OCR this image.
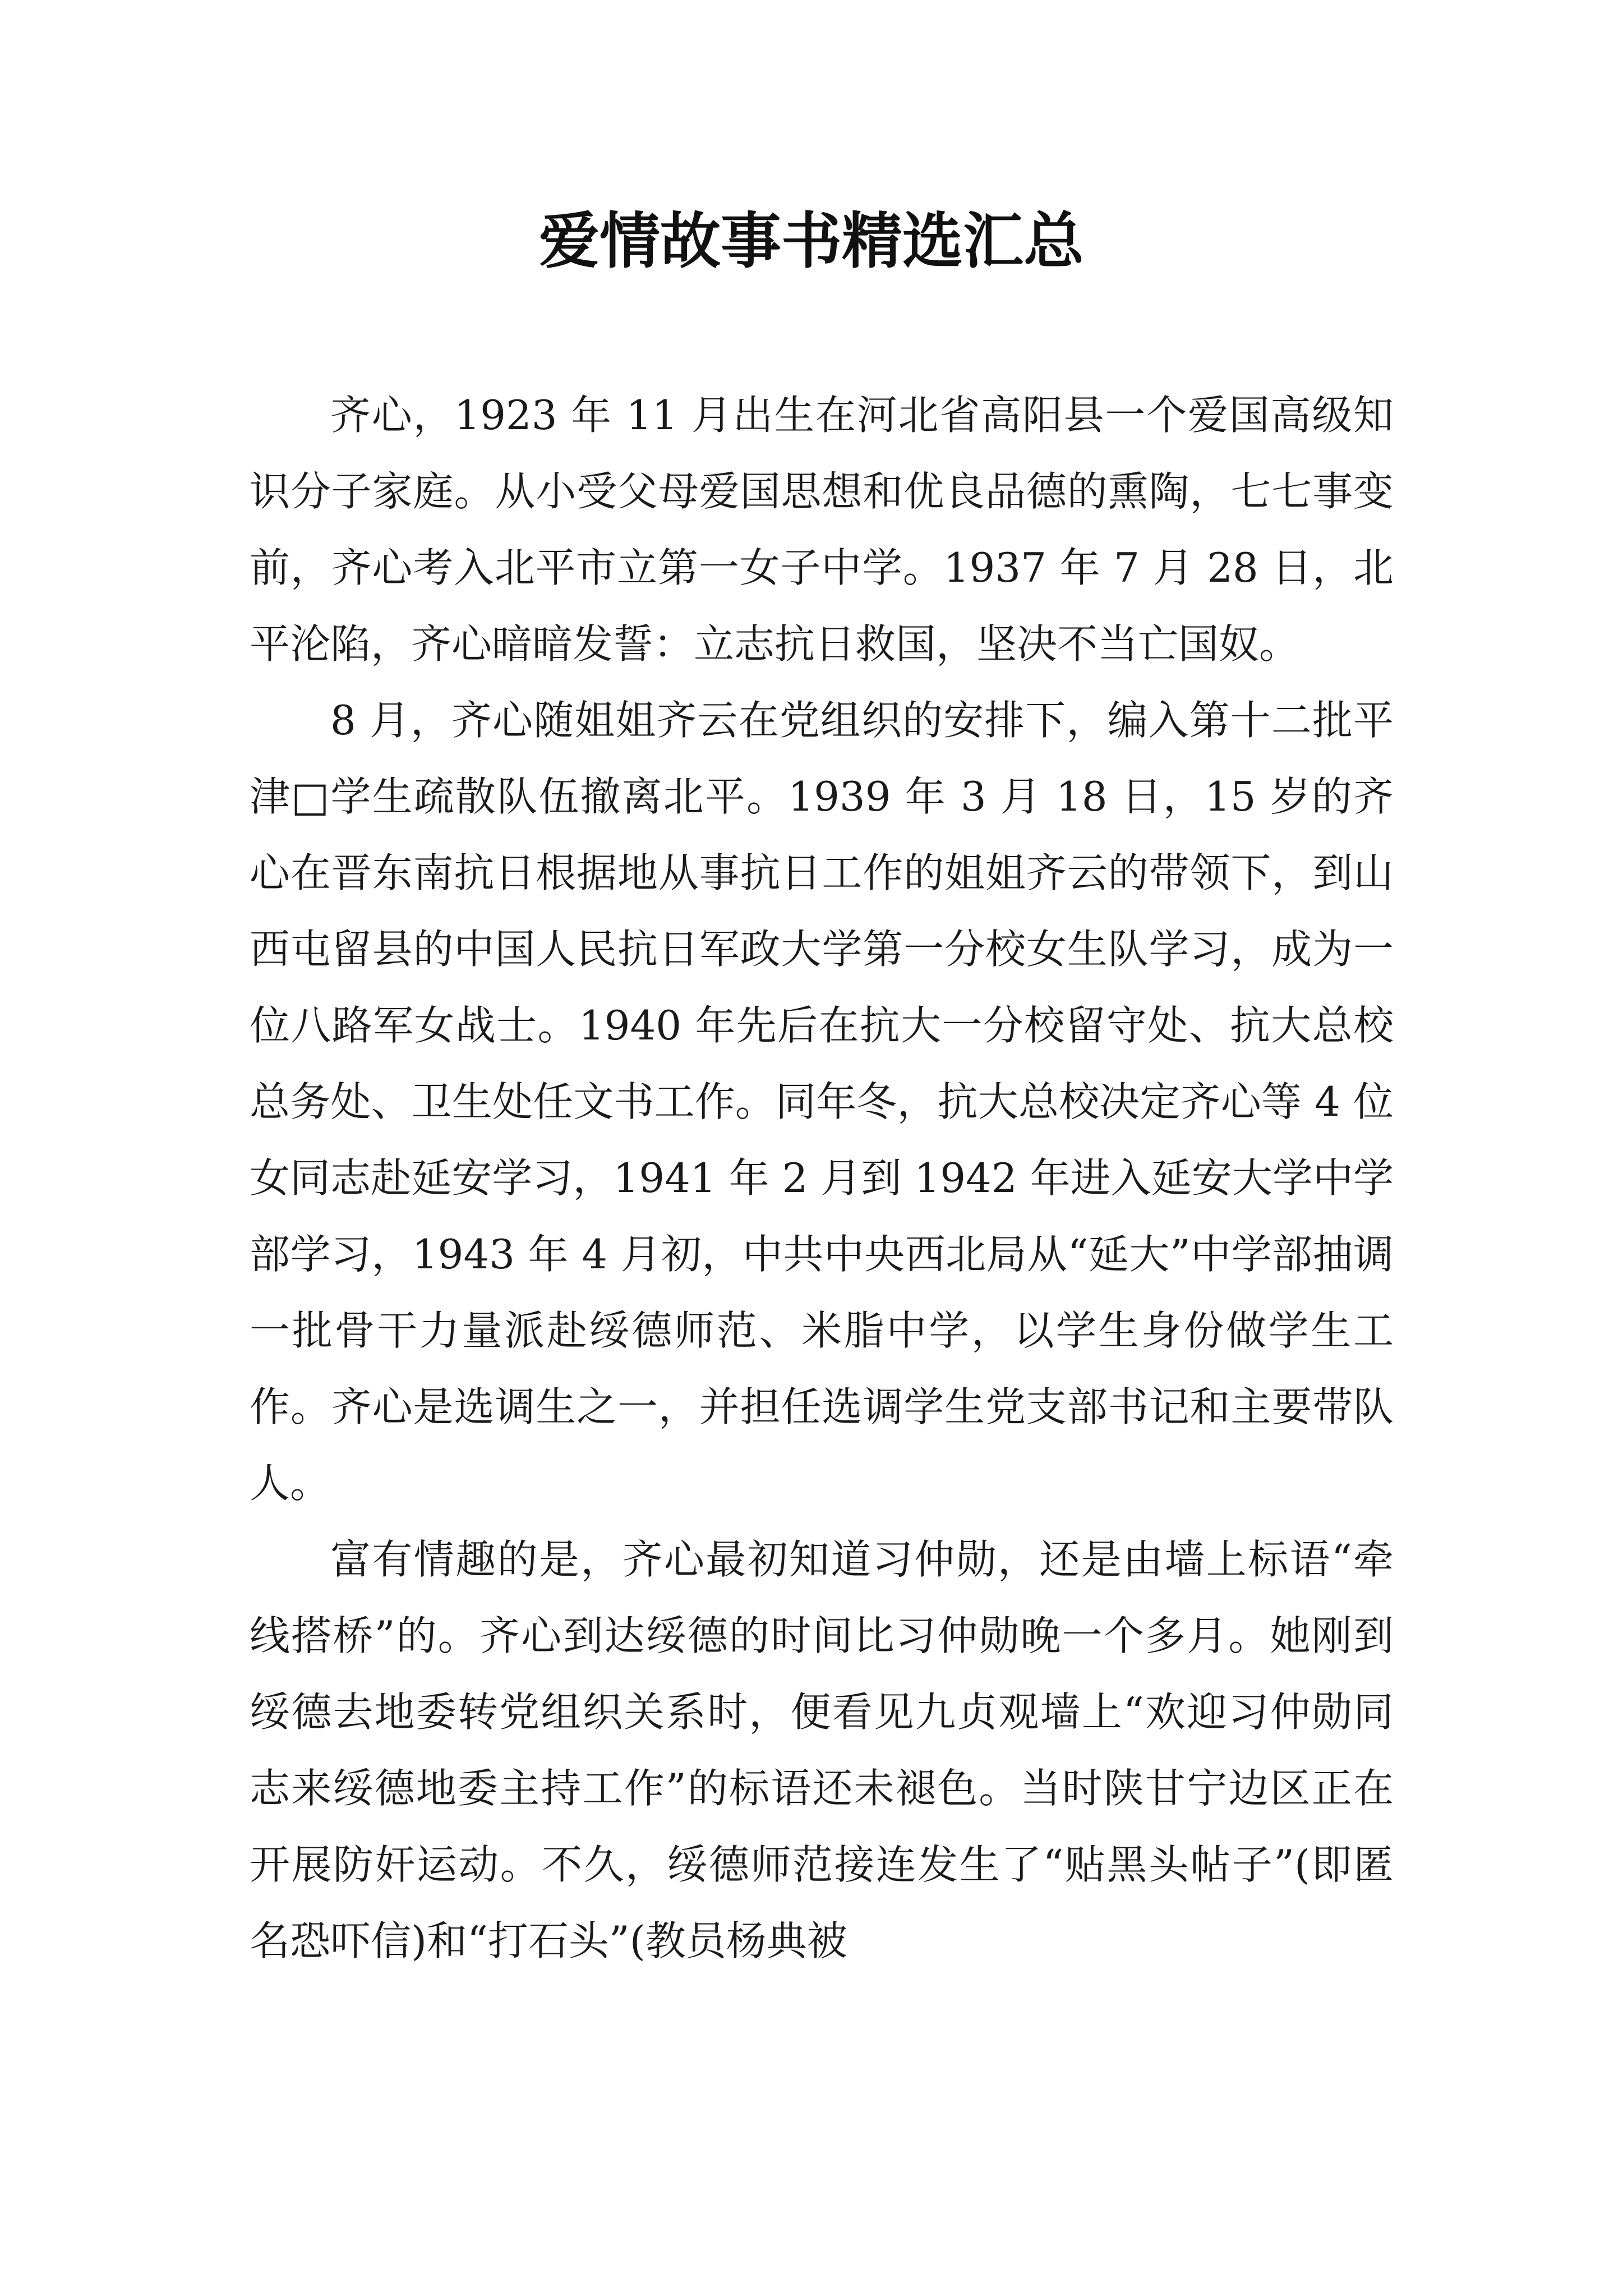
爱情故事书精选汇总

齐心，1923 年 11 月出生在河北省高阳县一个爱国高级知识分子家庭。从小受父母爱国思想和优良品德的熏陶，七七事变前，齐心考入北平市立第一女子中学。1937 年 7 月 28 日，北平沦陷，齐心暗暗发誓：立志抗日救国，坚决不当亡国奴。

8 月，齐心随姐姐齐云在党组织的安排下，编入第十二批平津□学生疏散队伍撤离北平。1939 年 3 月 18 日，15 岁的齐心在晋东南抗日根据地从事抗日工作的姐姐齐云的带领下，到山西屯留县的中国人民抗日军政大学第一分校女生队学习，成为一位八路军女战士。1940 年先后在抗大一分校留守处、抗大总校总务处、卫生处任文书工作。同年冬，抗大总校决定齐心等 4 位女同志赴延安学习，1941 年 2 月到 1942 年进入延安大学中学部学习，1943 年 4 月初，中共中央西北局从“延大”中学部抽调一批骨干力量派赴绥德师范、米脂中学，以学生身份做学生工作。齐心是选调生之一，并担任选调学生党支部书记和主要带队人。

富有情趣的是，齐心最初知道习仲勋，还是由墙上标语“牵线搭桥”的。齐心到达绥德的时间比习仲勋晚一个多月。她刚到绥德去地委转党组织关系时，便看见九贞观墙上“欢迎习仲勋同志来绥德地委主持工作”的标语还未褪色。当时陕甘宁边区正在开展防奸运动。不久，绥德师范接连发生了“贴黑头帖子”(即匿名恐吓信)和“打石头”(教员杨典被
